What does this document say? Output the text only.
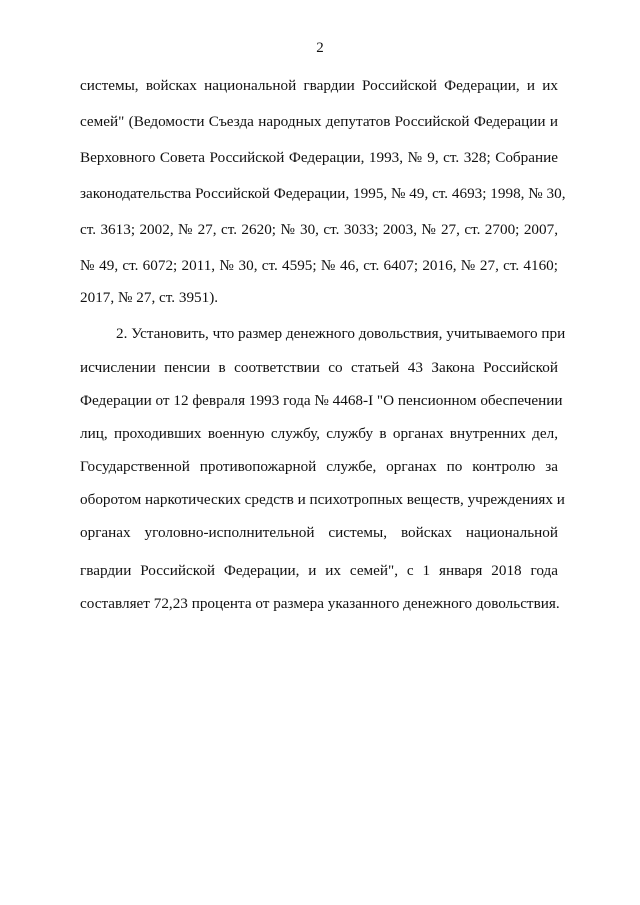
2
системы, войсках национальной гвардии Российской Федерации, и их
семей" (Ведомости Съезда народных депутатов Российской Федерации и
Верховного Совета Российской Федерации, 1993, № 9, ст. 328; Собрание
законодательства Российской Федерации, 1995, № 49, ст. 4693; 1998, № 30,
ст. 3613; 2002, № 27, ст. 2620; № 30, ст. 3033; 2003, № 27, ст. 2700; 2007,
№ 49, ст. 6072; 2011, № 30, ст. 4595; № 46, ст. 6407; 2016, № 27, ст. 4160;
2017, № 27, ст. 3951).
2. Установить, что размер денежного довольствия, учитываемого при
исчислении пенсии в соответствии со статьей 43 Закона Российской
Федерации от 12 февраля 1993 года № 4468-I "О пенсионном обеспечении
лиц, проходивших военную службу, службу в органах внутренних дел,
Государственной противопожарной службе, органах по контролю за
оборотом наркотических средств и психотропных веществ, учреждениях и
органах уголовно-исполнительной системы, войсках национальной
гвардии Российской Федерации, и их семей", с 1 января 2018 года
составляет 72,23 процента от размера указанного денежного довольствия.
